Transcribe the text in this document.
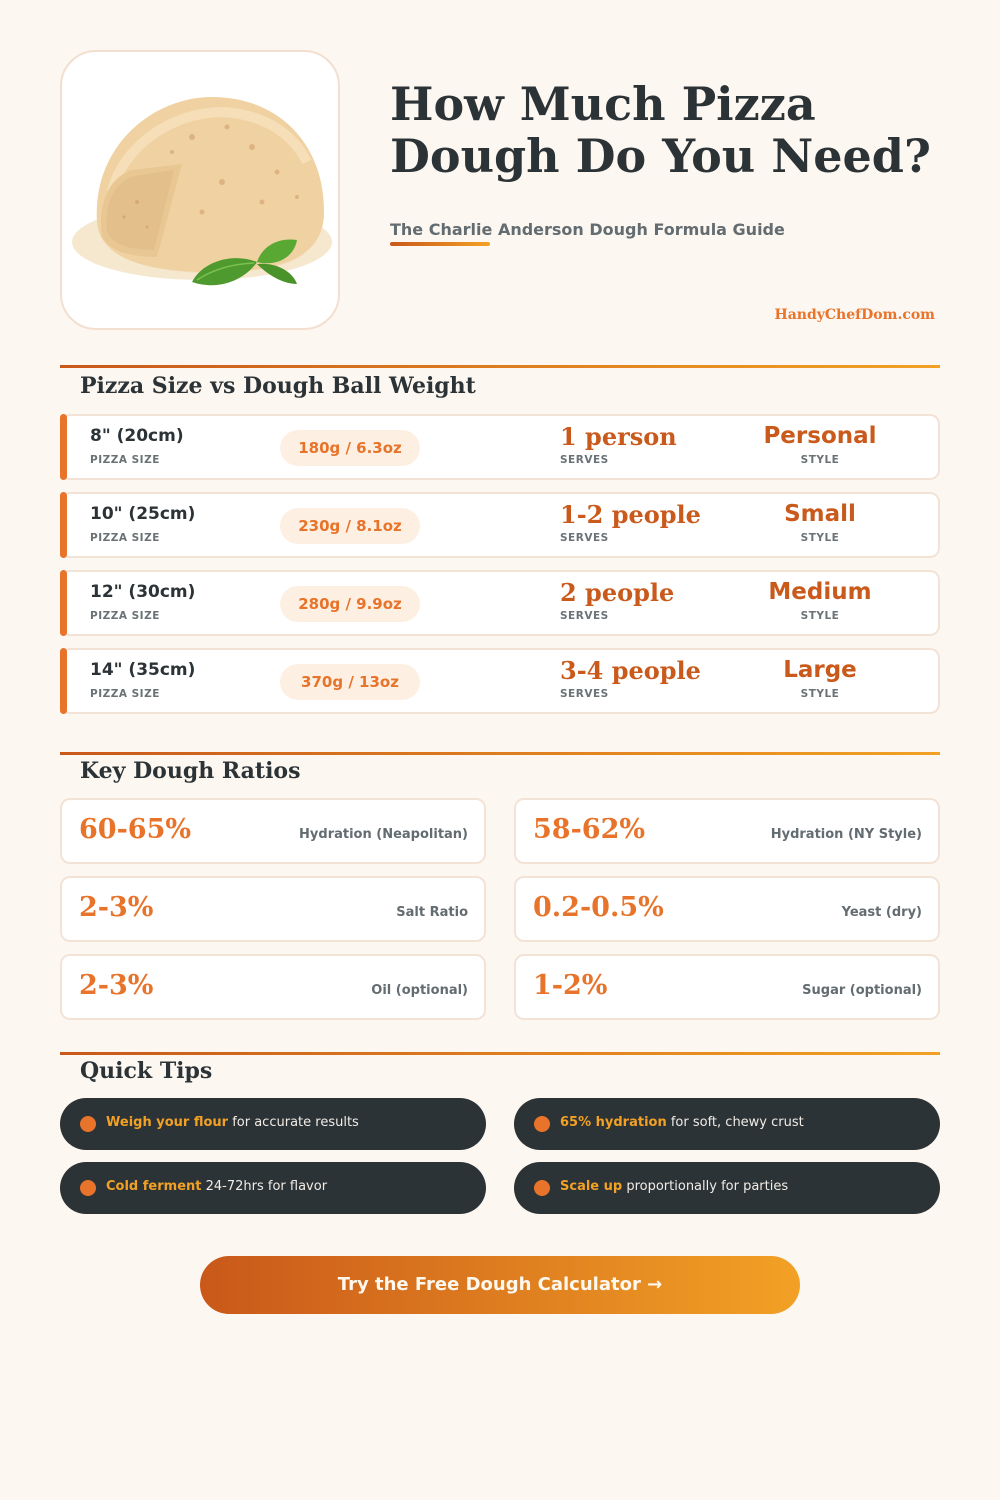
How Much Pizza
Dough Do You Need?
The Charlie Anderson Dough Formula Guide
HandyChefDom.com
Pizza Size vs Dough Ball Weight
8" (20cm)
PIZZA SIZE
180g / 6.3oz	1 person
SERVES
Personal
STYLE
10" (25cm)
PIZZA SIZE
230g / 8.1oz	1-2 people
SERVES
Small
STYLE
12" (30cm)
PIZZA SIZE
280g / 9.9oz	2 people
SERVES
Medium
STYLE
14" (35cm)
PIZZA SIZE
370g / 13oz	3-4 people
SERVES
Large
STYLE
Key Dough Ratios
60-65%	Hydration (Neapolitan) 58-62%	Hydration (NY Style)
2-3%	Salt Ratio 0.2-0.5%	Yeast (dry)
2-3%	Oil (optional) 1-2%	Sugar (optional)
Quick Tips
Weigh your flour for accurate results	65% hydration for soft, chewy crust
Cold ferment 24-72hrs for flavor	Scale up proportionally for parties
Try the Free Dough Calculator →
